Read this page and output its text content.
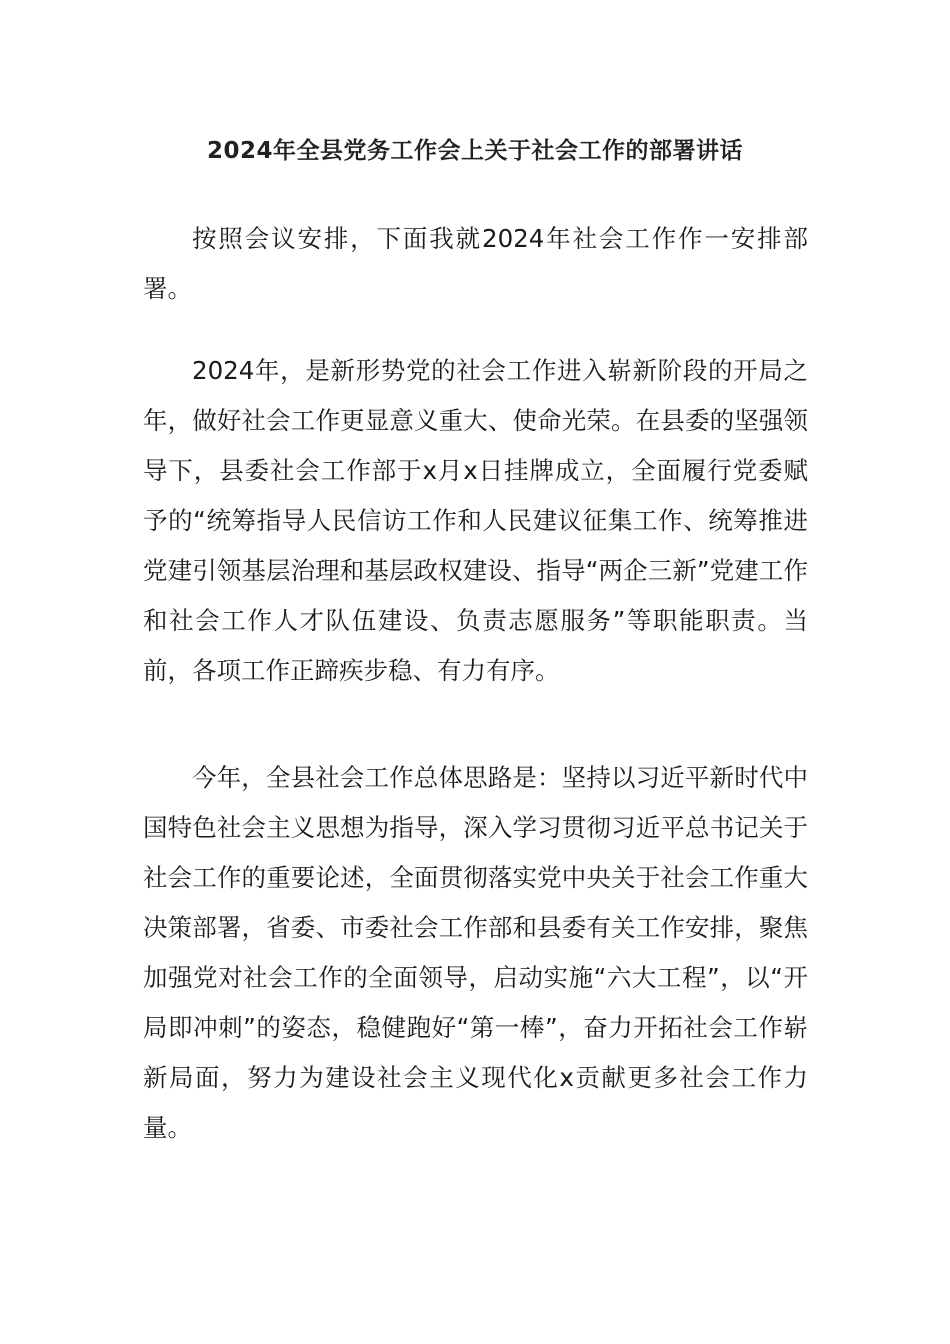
2024年全县党务工作会上关于社会工作的部署讲话
按照会议安排，下面我就2024年社会工作作一安排部署。
2024年，是新形势党的社会工作进入崭新阶段的开局之年，做好社会工作更显意义重大、使命光荣。在县委的坚强领导下，县委社会工作部于x月x日挂牌成立，全面履行党委赋予的“统筹指导人民信访工作和人民建议征集工作、统筹推进党建引领基层治理和基层政权建设、指导“两企三新”党建工作和社会工作人才队伍建设、负责志愿服务”等职能职责。当前，各项工作正蹄疾步稳、有力有序。
今年，全县社会工作总体思路是：坚持以习近平新时代中国特色社会主义思想为指导，深入学习贯彻习近平总书记关于社会工作的重要论述，全面贯彻落实党中央关于社会工作重大决策部署，省委、市委社会工作部和县委有关工作安排，聚焦加强党对社会工作的全面领导，启动实施“六大工程”，以“开局即冲刺”的姿态，稳健跑好“第一棒”，奋力开拓社会工作崭新局面，努力为建设社会主义现代化x贡献更多社会工作力量。
